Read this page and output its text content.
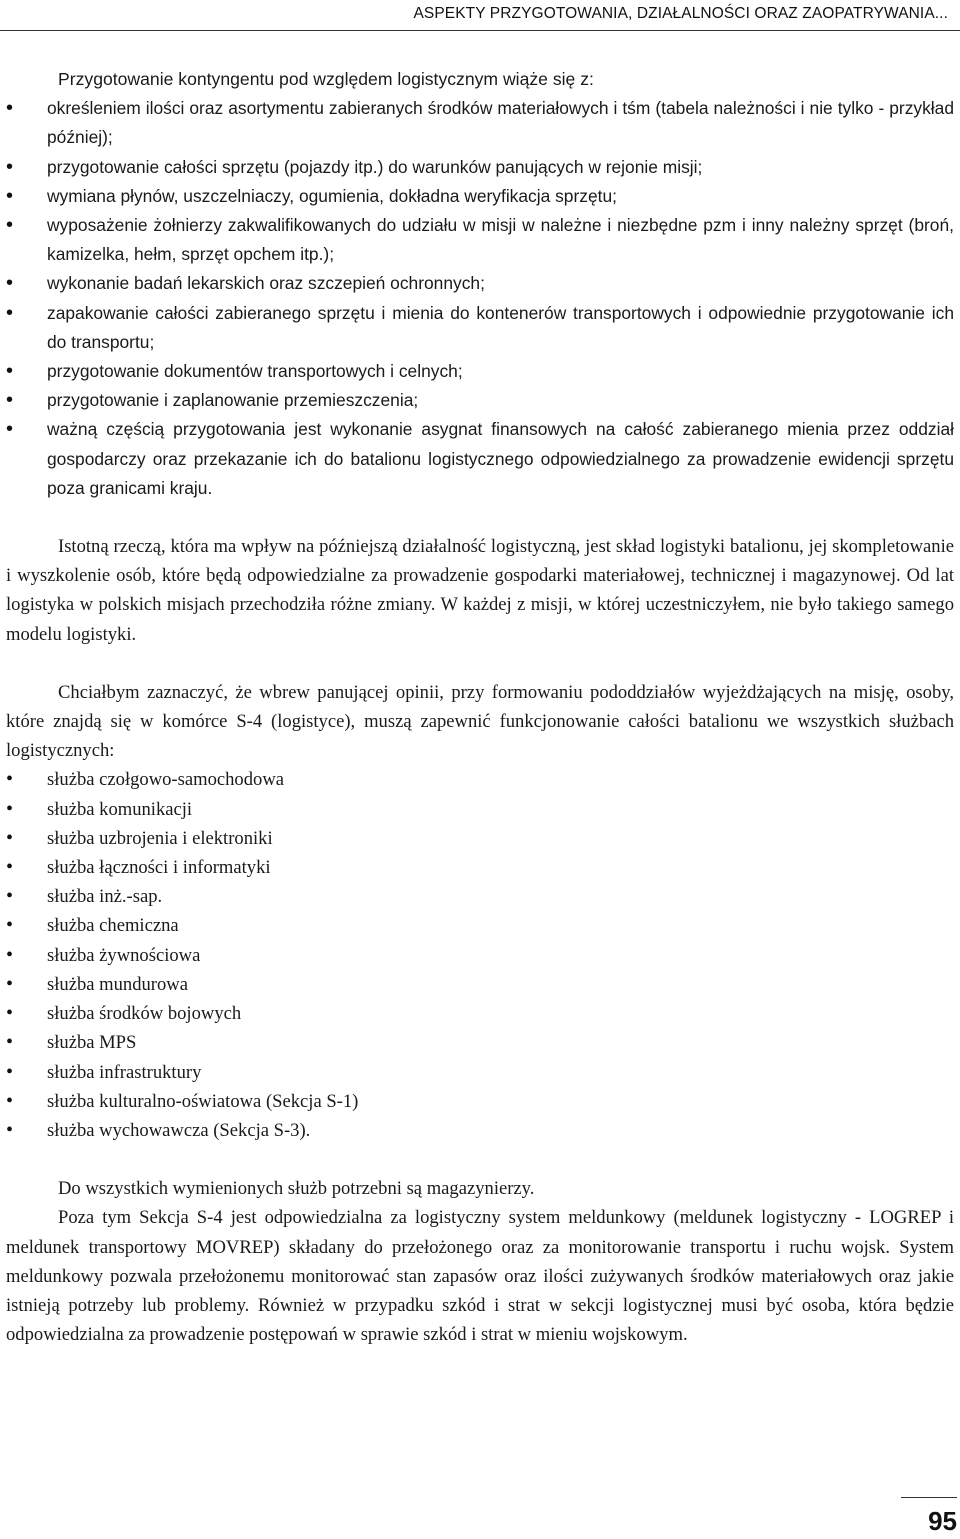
ASPEKTY PRZYGOTOWANIA, DZIAŁALNOŚCI ORAZ ZAOPATRYWANIA...

Przygotowanie kontyngentu pod względem logistycznym wiąże się z:

• określeniem ilości oraz asortymentu zabieranych środków materiałowych i tśm (tabela należności i nie tylko - przykład później);
• przygotowanie całości sprzętu (pojazdy itp.) do warunków panujących w rejonie misji;
• wymiana płynów, uszczelniaczy, ogumienia, dokładna weryfikacja sprzętu;
• wyposażenie żołnierzy zakwalifikowanych do udziału w misji w należne i niezbędne pzm i inny należny sprzęt (broń, kamizelka, hełm, sprzęt opchem itp.);
• wykonanie badań lekarskich oraz szczepień ochronnych;
• zapakowanie całości zabieranego sprzętu i mienia do kontenerów transportowych i odpowiednie przygotowanie ich do transportu;
• przygotowanie dokumentów transportowych i celnych;
• przygotowanie i zaplanowanie przemieszczenia;
• ważną częścią przygotowania jest wykonanie asygnat finansowych na całość zabieranego mienia przez oddział gospodarczy oraz przekazanie ich do batalionu logistycznego odpowiedzialnego za prowadzenie ewidencji sprzętu poza granicami kraju.

Istotną rzeczą, która ma wpływ na późniejszą działalność logistyczną, jest skład logistyki batalionu, jej skompletowanie i wyszkolenie osób, które będą odpowiedzialne za prowadzenie gospodarki materiałowej, technicznej i magazynowej. Od lat logistyka w polskich misjach przechodziła różne zmiany. W każdej z misji, w której uczestniczyłem, nie było takiego samego modelu logistyki.

Chciałbym zaznaczyć, że wbrew panującej opinii, przy formowaniu pododdziałów wyjeżdżających na misję, osoby, które znajdą się w komórce S-4 (logistyce), muszą zapewnić funkcjonowanie całości batalionu we wszystkich służbach logistycznych:

• służba czołgowo-samochodowa
• służba komunikacji
• służba uzbrojenia i elektroniki
• służba łączności i informatyki
• służba inż.-sap.
• służba chemiczna
• służba żywnościowa
• służba mundurowa
• służba środków bojowych
• służba MPS
• służba infrastruktury
• służba kulturalno-oświatowa (Sekcja S-1)
• służba wychowawcza (Sekcja S-3).

Do wszystkich wymienionych służb potrzebni są magazynierzy.

Poza tym Sekcja S-4 jest odpowiedzialna za logistyczny system meldunkowy (meldunek logistyczny - LOGREP i meldunek transportowy MOVREP) składany do przełożonego oraz za monitorowanie transportu i ruchu wojsk. System meldunkowy pozwala przełożonemu monitorować stan zapasów oraz ilości zużywanych środków materiałowych oraz jakie istnieją potrzeby lub problemy. Również w przypadku szkód i strat w sekcji logistycznej musi być osoba, która będzie odpowiedzialna za prowadzenie postępowań w sprawie szkód i strat w mieniu wojskowym.

95
